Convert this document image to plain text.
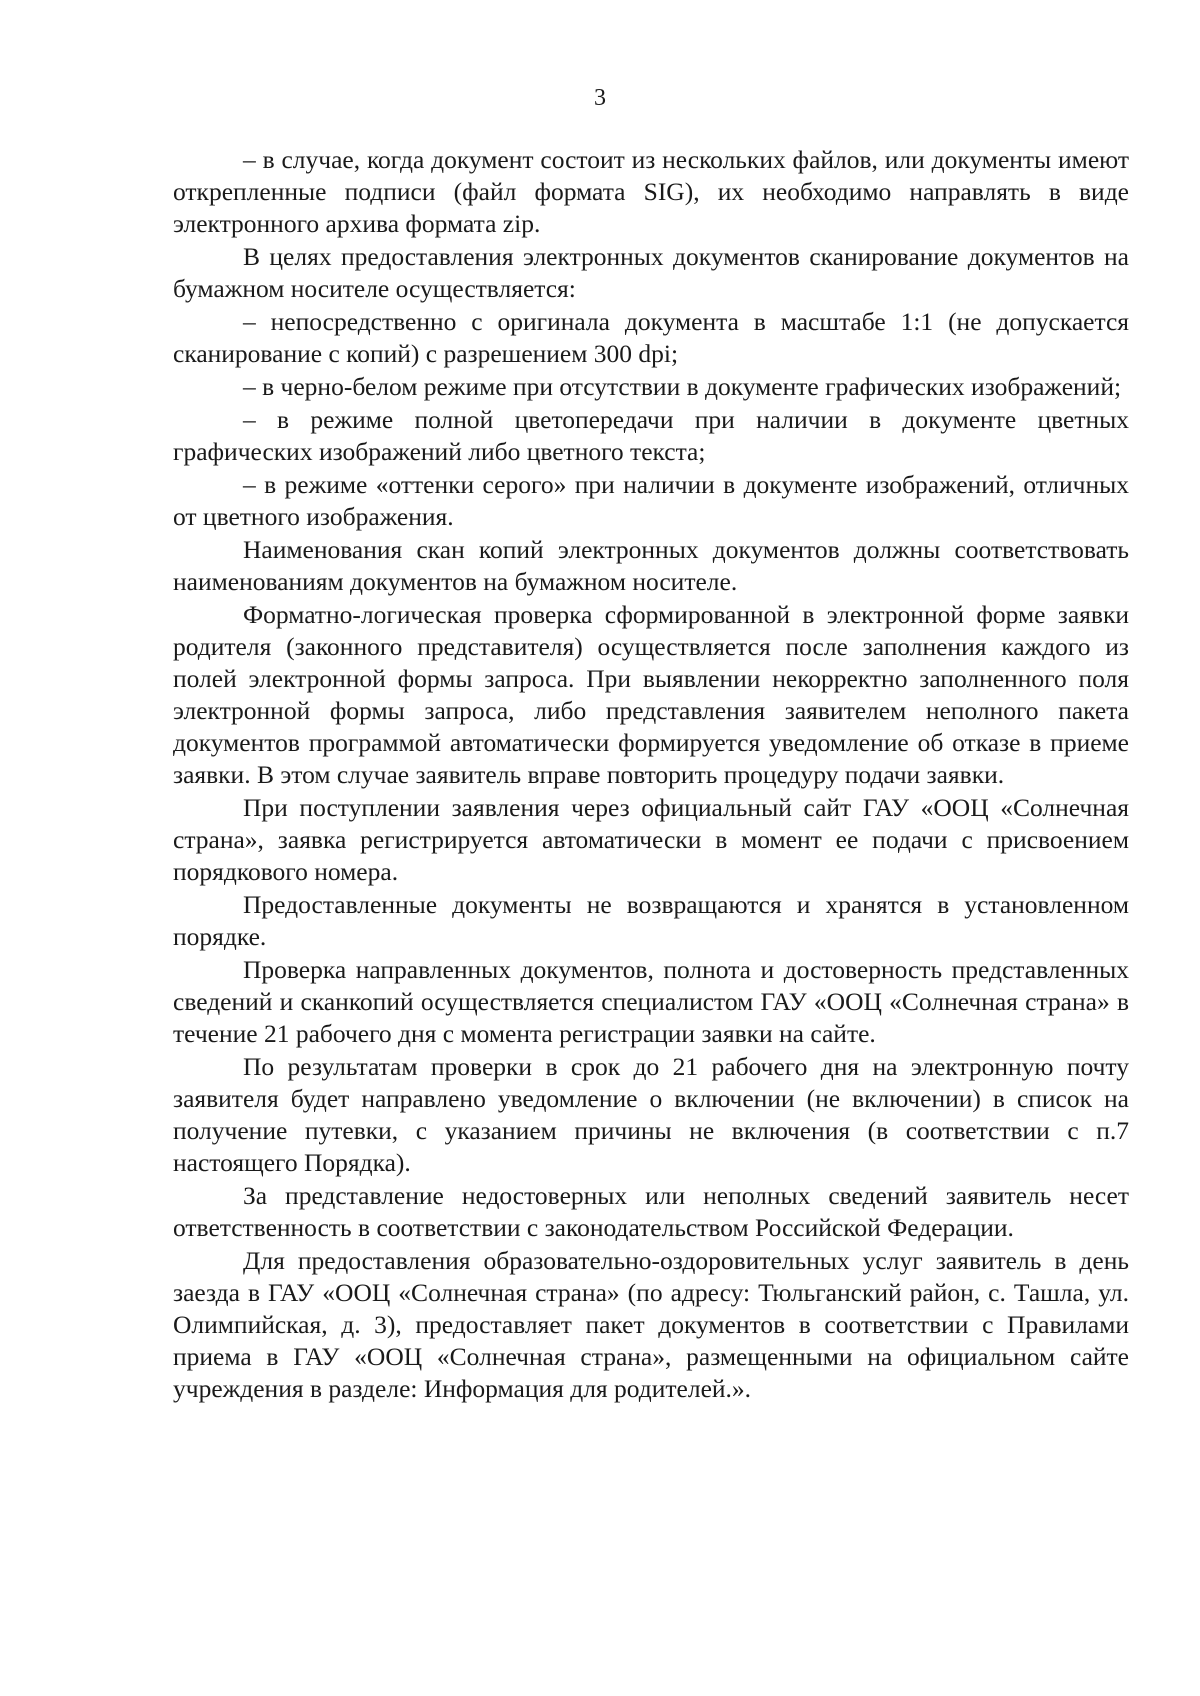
3

– в случае, когда документ состоит из нескольких файлов, или документы имеют открепленные подписи (файл формата SIG), их необходимо направлять в виде электронного архива формата zip.

В целях предоставления электронных документов сканирование документов на бумажном носителе осуществляется:

– непосредственно с оригинала документа в масштабе 1:1 (не допускается сканирование с копий) с разрешением 300 dpi;

– в черно-белом режиме при отсутствии в документе графических изображений;

– в режиме полной цветопередачи при наличии в документе цветных графических изображений либо цветного текста;

– в режиме «оттенки серого» при наличии в документе изображений, отличных от цветного изображения.

Наименования скан копий электронных документов должны соответствовать наименованиям документов на бумажном носителе.

Форматно-логическая проверка сформированной в электронной форме заявки родителя (законного представителя) осуществляется после заполнения каждого из полей электронной формы запроса. При выявлении некорректно заполненного поля электронной формы запроса, либо представления заявителем неполного пакета документов программой автоматически формируется уведомление об отказе в приеме заявки. В этом случае заявитель вправе повторить процедуру подачи заявки.

При поступлении заявления через официальный сайт ГАУ «ООЦ «Солнечная страна», заявка регистрируется автоматически в момент ее подачи с присвоением порядкового номера.

Предоставленные документы не возвращаются и хранятся в установленном порядке.

Проверка направленных документов, полнота и достоверность представленных сведений и сканкопий осуществляется специалистом ГАУ «ООЦ «Солнечная страна» в течение 21 рабочего дня с момента регистрации заявки на сайте.

По результатам проверки в срок до 21 рабочего дня на электронную почту заявителя будет направлено уведомление о включении (не включении) в список на получение путевки, с указанием причины не включения (в соответствии с п.7 настоящего Порядка).

За представление недостоверных или неполных сведений заявитель несет ответственность в соответствии с законодательством Российской Федерации.

Для предоставления образовательно-оздоровительных услуг заявитель в день заезда в ГАУ «ООЦ «Солнечная страна» (по адресу: Тюльганский район, с. Ташла, ул. Олимпийская, д. 3), предоставляет пакет документов в соответствии с Правилами приема в ГАУ «ООЦ «Солнечная страна», размещенными на официальном сайте учреждения в разделе: Информация для родителей.».
